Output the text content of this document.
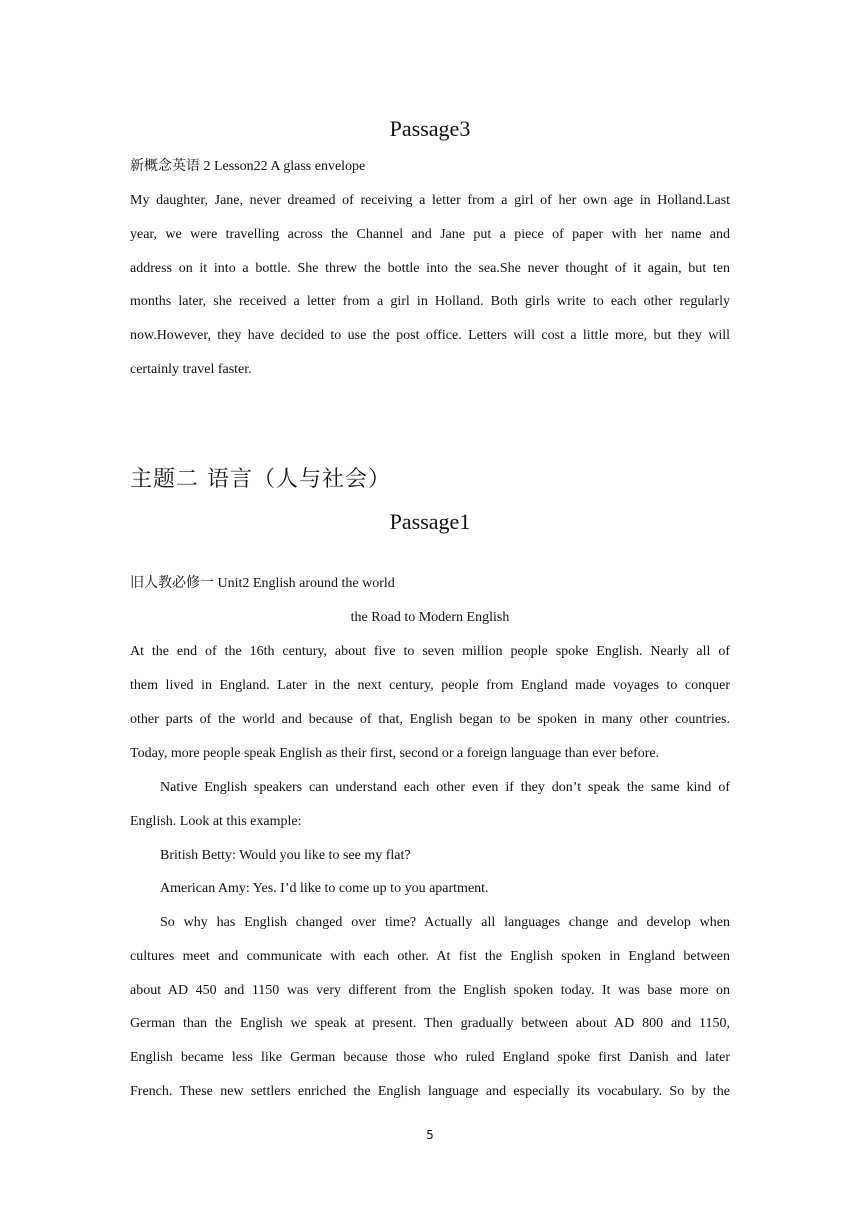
Passage3
新概念英语 2 Lesson22 A glass envelope
My daughter, Jane, never dreamed of receiving a letter from a girl of her own age in Holland.Last
year, we were travelling across the Channel and Jane put a piece of paper with her name and
address on it into a bottle. She threw the bottle into the sea.She never thought of it again, but ten
months later, she received a letter from a girl in Holland. Both girls write to each other regularly
now.However, they have decided to use the post office. Letters will cost a little more, but they will
certainly travel faster.
主题二 语言（人与社会）
Passage1
旧人教必修一 Unit2 English around the world
the Road to Modern English
At the end of the 16th century, about five to seven million people spoke English. Nearly all of
them lived in England. Later in the next century, people from England made voyages to conquer
other parts of the world and because of that, English began to be spoken in many other countries.
Today, more people speak English as their first, second or a foreign language than ever before.
Native English speakers can understand each other even if they don’t speak the same kind of
English. Look at this example:
British Betty: Would you like to see my flat?
American Amy: Yes. I’d like to come up to you apartment.
So why has English changed over time? Actually all languages change and develop when
cultures meet and communicate with each other. At fist the English spoken in England between
about AD 450 and 1150 was very different from the English spoken today. It was base more on
German than the English we speak at present. Then gradually between about AD 800 and 1150,
English became less like German because those who ruled England spoke first Danish and later
French. These new settlers enriched the English language and especially its vocabulary. So by the
5
